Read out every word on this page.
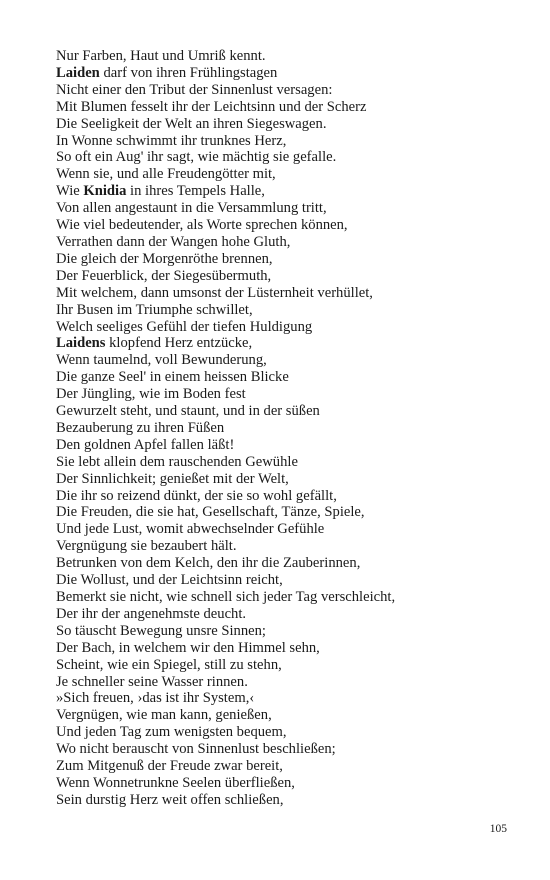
Nur Farben, Haut und Umriß kennt.
Laiden darf von ihren Frühlingstagen
Nicht einer den Tribut der Sinnenlust versagen:
Mit Blumen fesselt ihr der Leichtsinn und der Scherz
Die Seeligkeit der Welt an ihren Siegeswagen.
In Wonne schwimmt ihr trunknes Herz,
So oft ein Aug' ihr sagt, wie mächtig sie gefalle.
Wenn sie, und alle Freudengötter mit,
Wie Knidia in ihres Tempels Halle,
Von allen angestaunt in die Versammlung tritt,
Wie viel bedeutender, als Worte sprechen können,
Verrathen dann der Wangen hohe Gluth,
Die gleich der Morgenröthe brennen,
Der Feuerblick, der Siegesübermuth,
Mit welchem, dann umsonst der Lüsternheit verhüllet,
Ihr Busen im Triumphe schwillet,
Welch seeliges Gefühl der tiefen Huldigung
Laidens klopfend Herz entzücke,
Wenn taumelnd, voll Bewunderung,
Die ganze Seel' in einem heissen Blicke
Der Jüngling, wie im Boden fest
Gewurzelt steht, und staunt, und in der süßen
Bezauberung zu ihren Füßen
Den goldnen Apfel fallen läßt!
Sie lebt allein dem rauschenden Gewühle
Der Sinnlichkeit; genießet mit der Welt,
Die ihr so reizend dünkt, der sie so wohl gefällt,
Die Freuden, die sie hat, Gesellschaft, Tänze, Spiele,
Und jede Lust, womit abwechselnder Gefühle
Vergnügung sie bezaubert hält.
Betrunken von dem Kelch, den ihr die Zauberinnen,
Die Wollust, und der Leichtsinn reicht,
Bemerkt sie nicht, wie schnell sich jeder Tag verschleicht,
Der ihr der angenehmste deucht.
So täuscht Bewegung unsre Sinnen;
Der Bach, in welchem wir den Himmel sehn,
Scheint, wie ein Spiegel, still zu stehn,
Je schneller seine Wasser rinnen.
»Sich freuen, ›das ist ihr System,‹
Vergnügen, wie man kann, genießen,
Und jeden Tag zum wenigsten bequem,
Wo nicht berauscht von Sinnenlust beschließen;
Zum Mitgenuß der Freude zwar bereit,
Wenn Wonnetrunkne Seelen überfließen,
Sein durstig Herz weit offen schließen,
105
